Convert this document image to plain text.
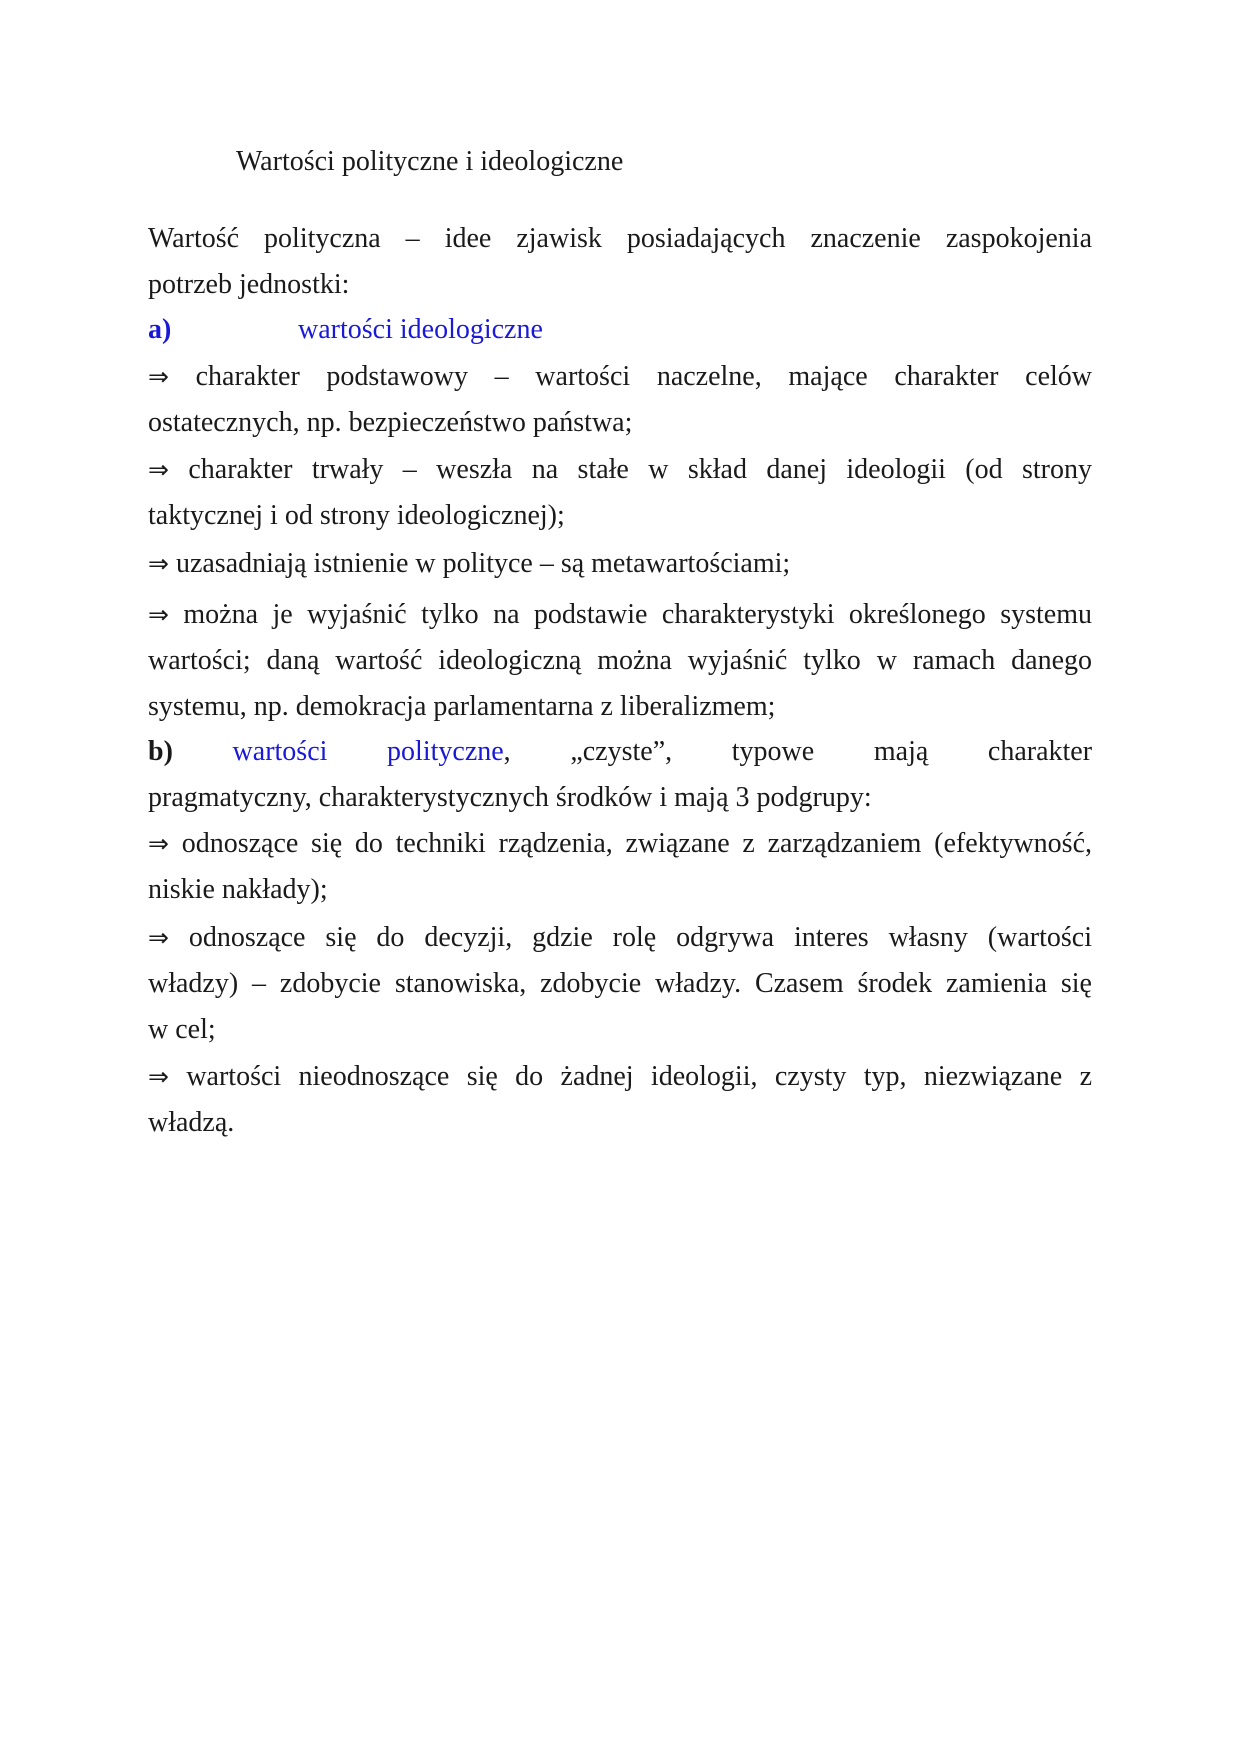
Wartości polityczne i ideologiczne
Wartość polityczna – idee zjawisk posiadających znaczenie zaspokojenia
potrzeb jednostki:
a)	wartości ideologiczne
⇒ charakter podstawowy – wartości naczelne, mające charakter celów
ostatecznych, np. bezpieczeństwo państwa;
⇒ charakter trwały – weszła na stałe w skład danej ideologii (od strony
taktycznej i od strony ideologicznej);
⇒ uzasadniają istnienie w polityce – są metawartościami;
⇒ można je wyjaśnić tylko na podstawie charakterystyki określonego systemu
wartości; daną wartość ideologiczną można wyjaśnić tylko w ramach danego
systemu, np. demokracja parlamentarna z liberalizmem;
b) wartości polityczne, „czyste”, typowe mają charakter
pragmatyczny, charakterystycznych środków i mają 3 podgrupy:
⇒ odnoszące się do techniki rządzenia, związane z zarządzaniem (efektywność,
niskie nakłady);
⇒ odnoszące się do decyzji, gdzie rolę odgrywa interes własny (wartości
władzy) – zdobycie stanowiska, zdobycie władzy. Czasem środek zamienia się
w cel;
⇒ wartości nieodnoszące się do żadnej ideologii, czysty typ, niezwiązane z
władzą.
